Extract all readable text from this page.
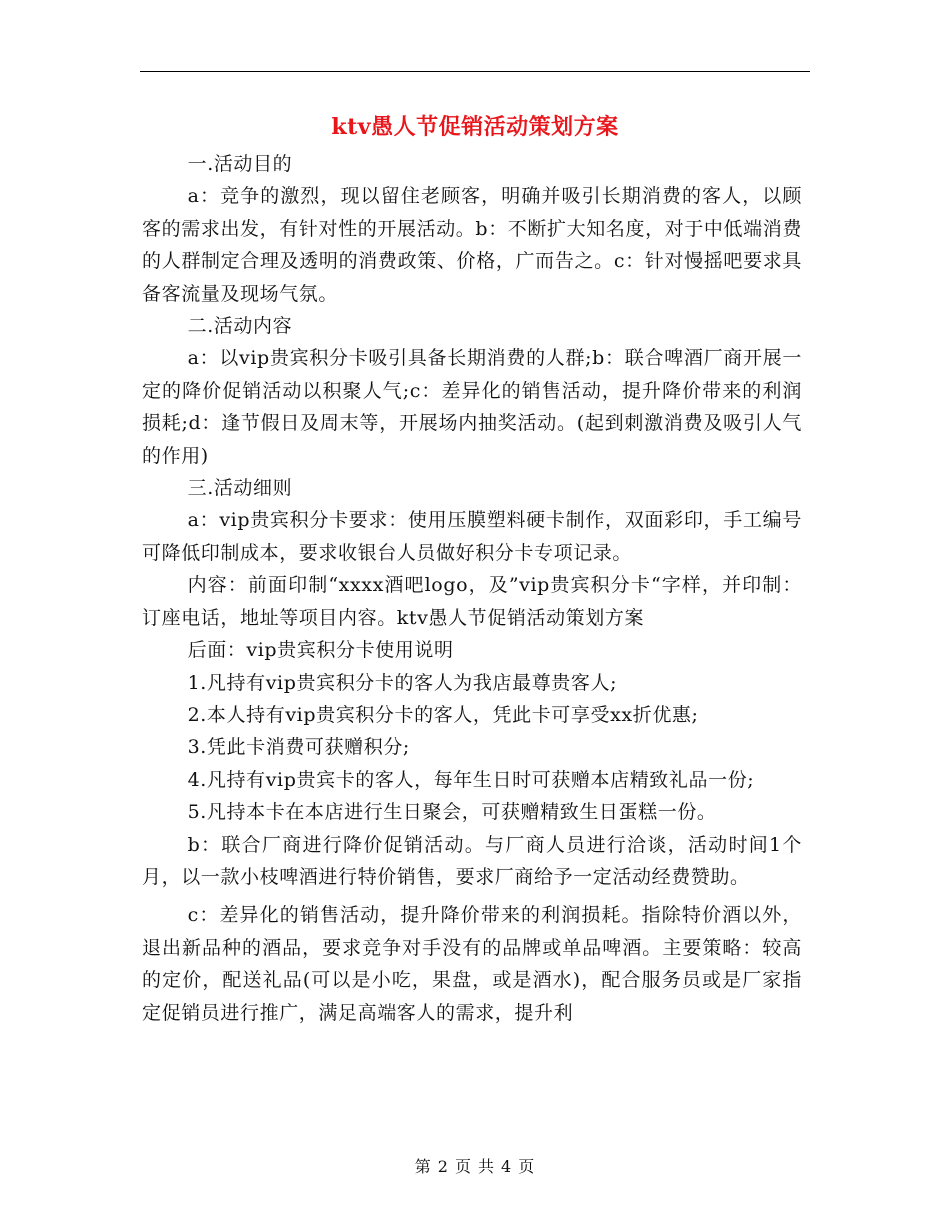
ktv愚人节促销活动策划方案

一.活动目的

a：竞争的激烈，现以留住老顾客，明确并吸引长期消费的客人，以顾客的需求出发，有针对性的开展活动。b：不断扩大知名度，对于中低端消费的人群制定合理及透明的消费政策、价格，广而告之。c：针对慢摇吧要求具备客流量及现场气氛。

二.活动内容

a：以vip贵宾积分卡吸引具备长期消费的人群;b：联合啤酒厂商开展一定的降价促销活动以积聚人气;c：差异化的销售活动，提升降价带来的利润损耗;d：逢节假日及周末等，开展场内抽奖活动。(起到刺激消费及吸引人气的作用)

三.活动细则

a：vip贵宾积分卡要求：使用压膜塑料硬卡制作，双面彩印，手工编号可降低印制成本，要求收银台人员做好积分卡专项记录。

内容：前面印制“xxxx酒吧logo，及”vip贵宾积分卡“字样，并印制：订座电话，地址等项目内容。ktv愚人节促销活动策划方案

后面：vip贵宾积分卡使用说明

1.凡持有vip贵宾积分卡的客人为我店最尊贵客人;

2.本人持有vip贵宾积分卡的客人，凭此卡可享受xx折优惠;

3.凭此卡消费可获赠积分;

4.凡持有vip贵宾卡的客人，每年生日时可获赠本店精致礼品一份;

5.凡持本卡在本店进行生日聚会，可获赠精致生日蛋糕一份。

b：联合厂商进行降价促销活动。与厂商人员进行洽谈，活动时间1个月，以一款小枝啤酒进行特价销售，要求厂商给予一定活动经费赞助。

c：差异化的销售活动，提升降价带来的利润损耗。指除特价酒以外，退出新品种的酒品，要求竞争对手没有的品牌或单品啤酒。主要策略：较高的定价，配送礼品(可以是小吃，果盘，或是酒水)，配合服务员或是厂家指定促销员进行推广，满足高端客人的需求，提升利

第 2 页 共 4 页
